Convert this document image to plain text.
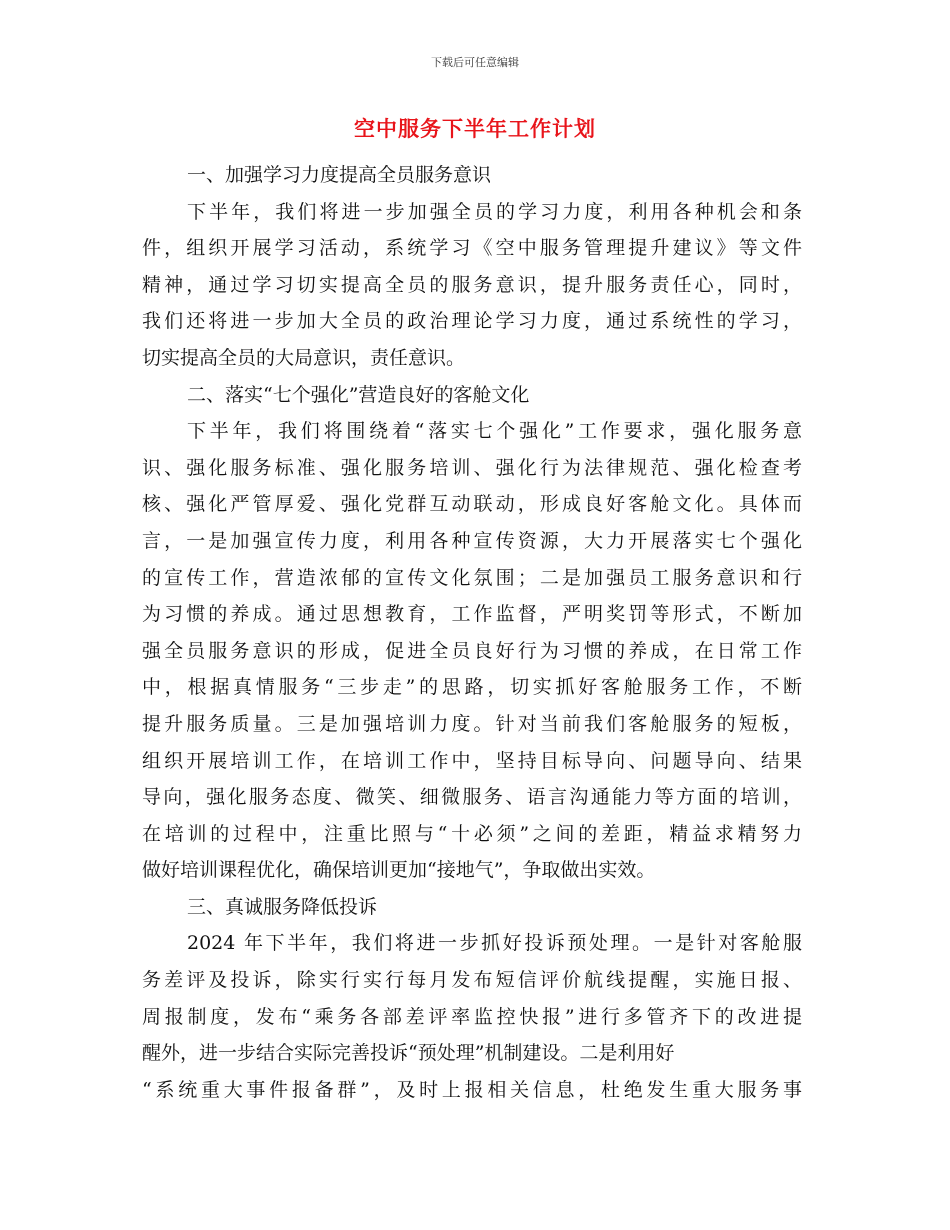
下载后可任意编辑
空中服务下半年工作计划
一、加强学习力度提高全员服务意识
下半年，我们将进一步加强全员的学习力度，利用各种机会和条
件，组织开展学习活动，系统学习《空中服务管理提升建议》等文件
精神，通过学习切实提高全员的服务意识，提升服务责任心，同时，
我们还将进一步加大全员的政治理论学习力度，通过系统性的学习，
切实提高全员的大局意识，责任意识。
二、落实“七个强化”营造良好的客舱文化
下半年，我们将围绕着“落实七个强化”工作要求，强化服务意
识、强化服务标准、强化服务培训、强化行为法律规范、强化检查考
核、强化严管厚爱、强化党群互动联动，形成良好客舱文化。具体而
言，一是加强宣传力度，利用各种宣传资源，大力开展落实七个强化
的宣传工作，营造浓郁的宣传文化氛围；二是加强员工服务意识和行
为习惯的养成。通过思想教育，工作监督，严明奖罚等形式，不断加
强全员服务意识的形成，促进全员良好行为习惯的养成，在日常工作
中，根据真情服务“三步走”的思路，切实抓好客舱服务工作，不断
提升服务质量。三是加强培训力度。针对当前我们客舱服务的短板，
组织开展培训工作，在培训工作中，坚持目标导向、问题导向、结果
导向，强化服务态度、微笑、细微服务、语言沟通能力等方面的培训，
在培训的过程中，注重比照与“十必须”之间的差距，精益求精努力
做好培训课程优化，确保培训更加“接地气”，争取做出实效。
三、真诚服务降低投诉
2024 年下半年，我们将进一步抓好投诉预处理。一是针对客舱服
务差评及投诉，除实行实行每月发布短信评价航线提醒，实施日报、
周报制度，发布“乘务各部差评率监控快报”进行多管齐下的改进提
醒外，进一步结合实际完善投诉“预处理”机制建设。二是利用好
“系统重大事件报备群”，及时上报相关信息，杜绝发生重大服务事
